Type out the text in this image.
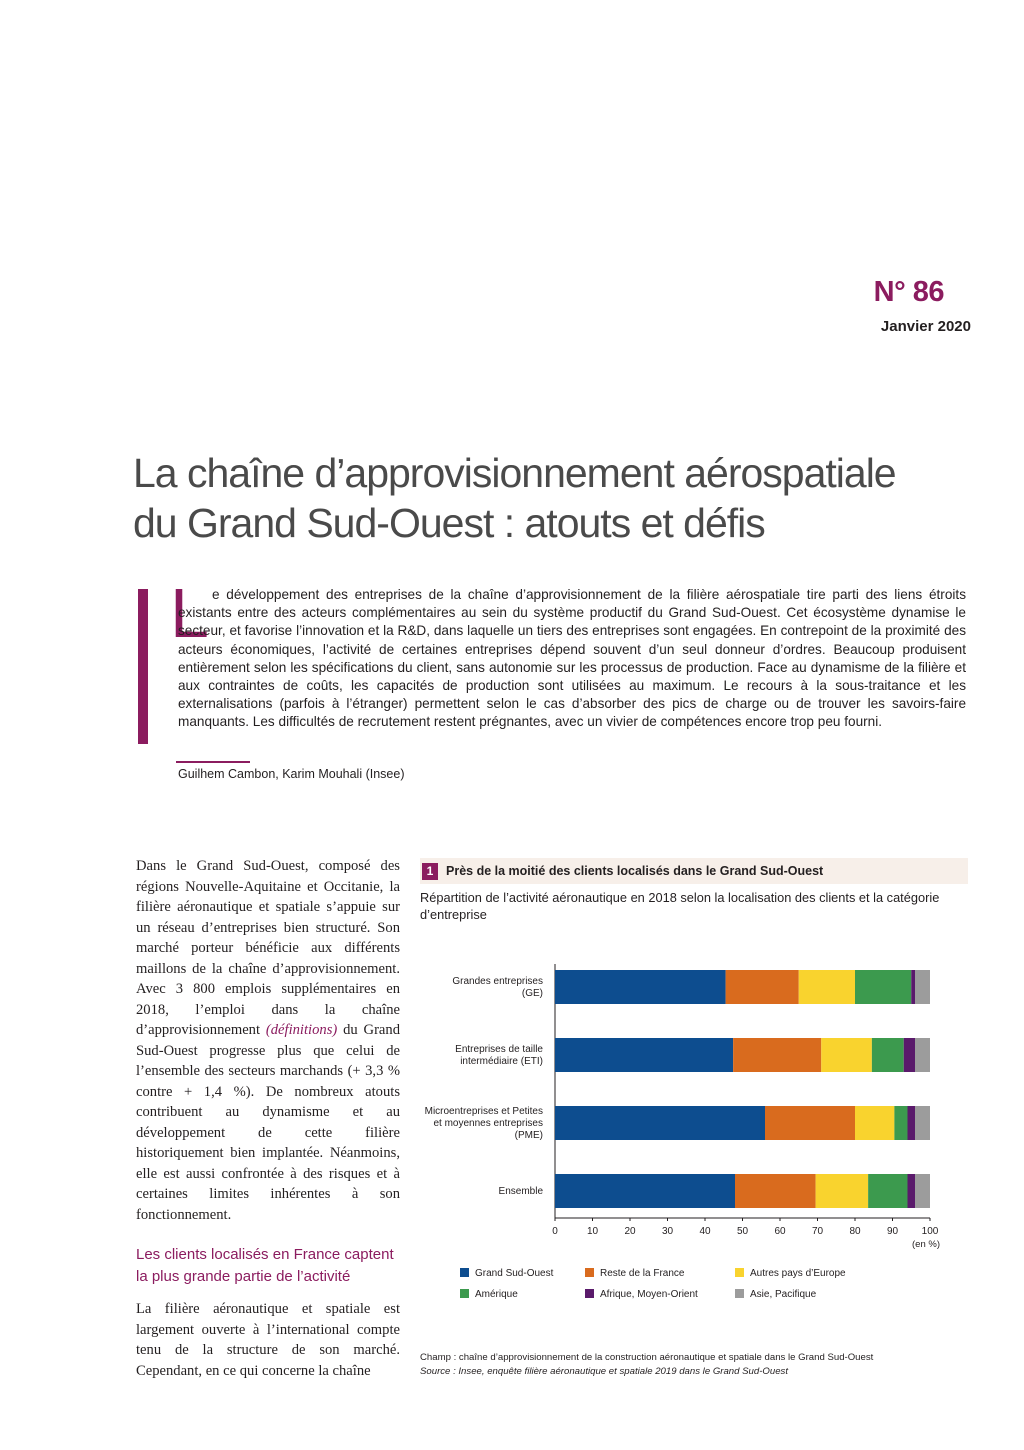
N° 86
Janvier 2020
La chaîne d’approvisionnement aérospatiale
du Grand Sud-Ouest : atouts et défis
L e développement des entreprises de la chaîne d’approvisionnement de la filière aérospatiale tire parti des liens étroits existants entre des acteurs complémentaires au sein du système productif du Grand Sud-Ouest. Cet écosystème dynamise le secteur, et favorise l’innovation et la R&D, dans laquelle un tiers des entreprises sont engagées. En contrepoint de la proximité des acteurs économiques, l’activité de certaines entreprises dépend souvent d’un seul donneur d’ordres. Beaucoup produisent entièrement selon les spécifications du client, sans autonomie sur les processus de production. Face au dynamisme de la filière et aux contraintes de coûts, les capacités de production sont utilisées au maximum. Le recours à la sous-traitance et les externalisations (parfois à l’étranger) permettent selon le cas d’absorber des pics de charge ou de trouver les savoirs-faire manquants. Les difficultés de recrutement restent prégnantes, avec un vivier de compétences encore trop peu fourni.

Guilhem Cambon, Karim Mouhali (Insee)

Dans le Grand Sud-Ouest, composé des régions Nouvelle-Aquitaine et Occitanie, la filière aéronautique et spatiale s’appuie sur un réseau d’entreprises bien structuré. Son marché porteur bénéficie aux différents maillons de la chaîne d’approvisionnement. Avec 3 800 emplois supplémentaires en 2018, l’emploi dans la chaîne d’approvisionnement (définitions) du Grand Sud-Ouest progresse plus que celui de l’ensemble des secteurs marchands (+ 3,3 % contre + 1,4 %). De nombreux atouts contribuent au dynamisme et au développement de cette filière historiquement bien implantée. Néanmoins, elle est aussi confrontée à des risques et à certaines limites inhérentes à son fonctionnement.

Les clients localisés en France captent la plus grande partie de l’activité

La filière aéronautique et spatiale est largement ouverte à l’international compte tenu de la structure de son marché. Cependant, en ce qui concerne la chaîne

1	Près de la moitié des clients localisés dans le Grand Sud-Ouest

Répartition de l’activité aéronautique en 2018 selon la localisation des clients et la catégorie d’entreprise

Grandes entreprises
(GE)
Entreprises de taille
intermédiaire (ETI)
Microentreprises et Petites
et moyennes entreprises
(PME)
Ensemble
0	10	20	30	40	50	60	70	80	90 100
(en %)
Grand Sud-Ouest	Reste de la France	Autres pays d’Europe
Amérique	Afrique, Moyen-Orient	Asie, Pacifique

Champ : chaîne d’approvisionnement de la construction aéronautique et spatiale dans le Grand Sud-Ouest
Source : Insee, enquête filière aéronautique et spatiale 2019 dans le Grand Sud-Ouest
